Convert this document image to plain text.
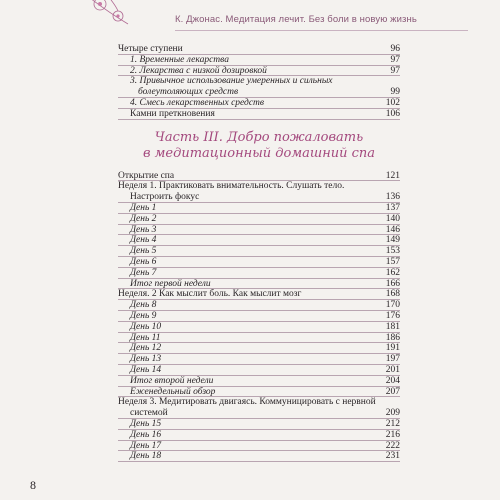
К. Джонас. Медитация лечит. Без боли в новую жизнь
Четыре ступени	96
1. Временные лекарства	97
2. Лекарства с низкой дозировкой	97
3. Привычное использование умеренных и сильных
болеутоляющих средств	99
4. Смесь лекарственных средств	102
Камни преткновения	106
Часть III. Добро пожаловать
в медитационный домашний спа
Открытие спа	121
Неделя 1. Практиковать внимательность. Слушать тело.
Настроить фокус	136
День 1	137
День 2	140
День 3	146
День 4	149
День 5	153
День 6	157
День 7	162
Итог первой недели	166
Неделя. 2 Как мыслит боль. Как мыслит мозг	168
День 8	170
День 9	176
День 10	181
День 11	186
День 12	191
День 13	197
День 14	201
Итог второй недели	204
Еженедельный обзор	207
Неделя 3. Медитировать двигаясь. Коммуницировать с нервной
системой	209
День 15	212
День 16	216
День 17	222
День 18	231
8
